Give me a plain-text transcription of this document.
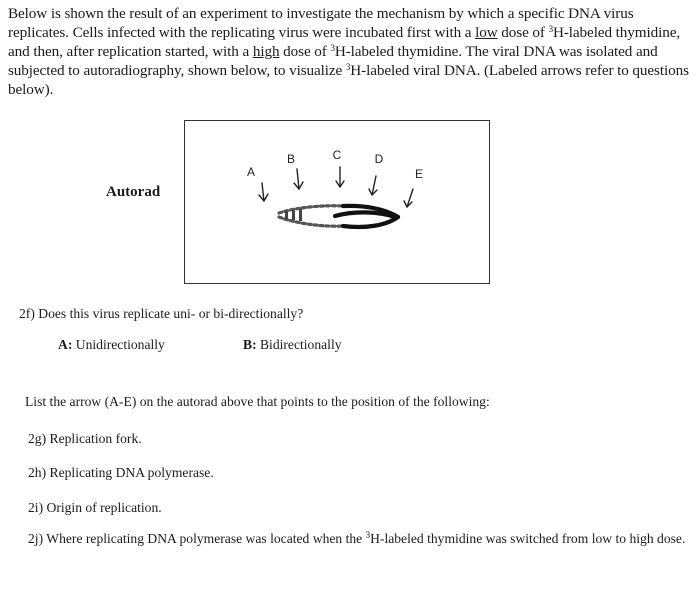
Below is shown the result of an experiment to investigate the mechanism by which a specific DNA virus replicates. Cells infected with the replicating virus were incubated first with a low dose of $^3$H-labeled thymidine, and then, after replication started, with a high dose of $^3$H-labeled thymidine. The viral DNA was isolated and subjected to autoradiography, shown below, to visualize $^3$H-labeled viral DNA. (Labeled arrows refer to questions below).
Autorad
A
B	C	D
E
2f) Does this virus replicate uni- or bi-directionally?
A: Unidirectionally	B: Bidirectionally
List the arrow (A-E) on the autorad above that points to the position of the following:
2g) Replication fork.
2h) Replicating DNA polymerase.
2i) Origin of replication.
2j) Where replicating DNA polymerase was located when the $^3$H-labeled thymidine was switched from low to high dose.
